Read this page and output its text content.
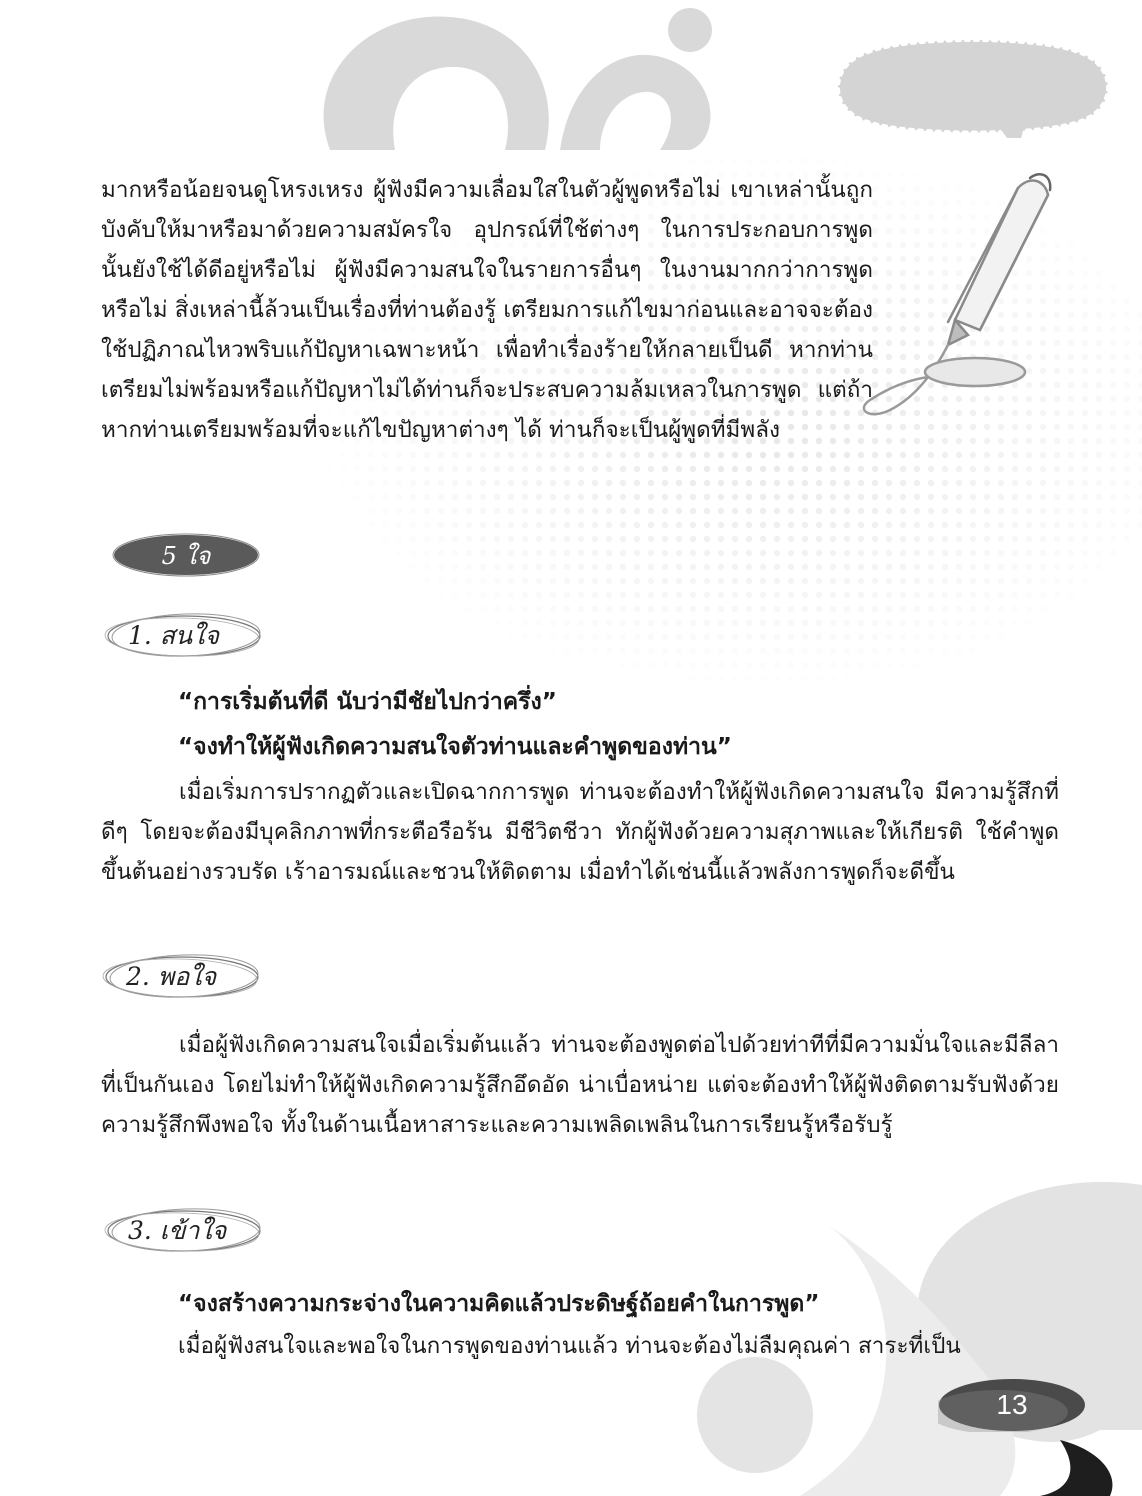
มากหรือน้อยจนดูโหรงเหรง ผู้ฟังมีความเลื่อมใสในตัวผู้พูดหรือไม่ เขาเหล่านั้นถูกบังคับให้มาหรือมาด้วยความสมัครใจ อุปกรณ์ที่ใช้ต่างๆ ในการประกอบการพูดนั้นยังใช้ได้ดีอยู่หรือไม่ ผู้ฟังมีความสนใจในรายการอื่นๆ ในงานมากกว่าการพูดหรือไม่ สิ่งเหล่านี้ล้วนเป็นเรื่องที่ท่านต้องรู้ เตรียมการแก้ไขมาก่อนและอาจจะต้องใช้ปฏิภาณไหวพริบแก้ปัญหาเฉพาะหน้า เพื่อทำเรื่องร้ายให้กลายเป็นดี หากท่านเตรียมไม่พร้อมหรือแก้ปัญหาไม่ได้ท่านก็จะประสบความล้มเหลวในการพูด แต่ถ้าหากท่านเตรียมพร้อมที่จะแก้ไขปัญหาต่างๆ ได้ ท่านก็จะเป็นผู้พูดที่มีพลัง

5 ใจ
1. สนใจ

“การเริ่มต้นที่ดี นับว่ามีชัยไปกว่าครึ่ง”

“จงทำให้ผู้ฟังเกิดความสนใจตัวท่านและคำพูดของท่าน”

เมื่อเริ่มการปรากฏตัวและเปิดฉากการพูด ท่านจะต้องทำให้ผู้ฟังเกิดความสนใจ มีความรู้สึกที่ดีๆ โดยจะต้องมีบุคลิกภาพที่กระตือรือร้น มีชีวิตชีวา ทักผู้ฟังด้วยความสุภาพและให้เกียรติ ใช้คำพูดขึ้นต้นอย่างรวบรัด เร้าอารมณ์และชวนให้ติดตาม เมื่อทำได้เช่นนี้แล้วพลังการพูดก็จะดีขึ้น

2. พอใจ

เมื่อผู้ฟังเกิดความสนใจเมื่อเริ่มต้นแล้ว ท่านจะต้องพูดต่อไปด้วยท่าทีที่มีความมั่นใจและมีลีลาที่เป็นกันเอง โดยไม่ทำให้ผู้ฟังเกิดความรู้สึกอึดอัด น่าเบื่อหน่าย แต่จะต้องทำให้ผู้ฟังติดตามรับฟังด้วยความรู้สึกพึงพอใจ ทั้งในด้านเนื้อหาสาระและความเพลิดเพลินในการเรียนรู้หรือรับรู้

3. เข้าใจ

“จงสร้างความกระจ่างในความคิดแล้วประดิษฐ์ถ้อยคำในการพูด”

เมื่อผู้ฟังสนใจและพอใจในการพูดของท่านแล้ว ท่านจะต้องไม่ลืมคุณค่า สาระที่เป็น

13
